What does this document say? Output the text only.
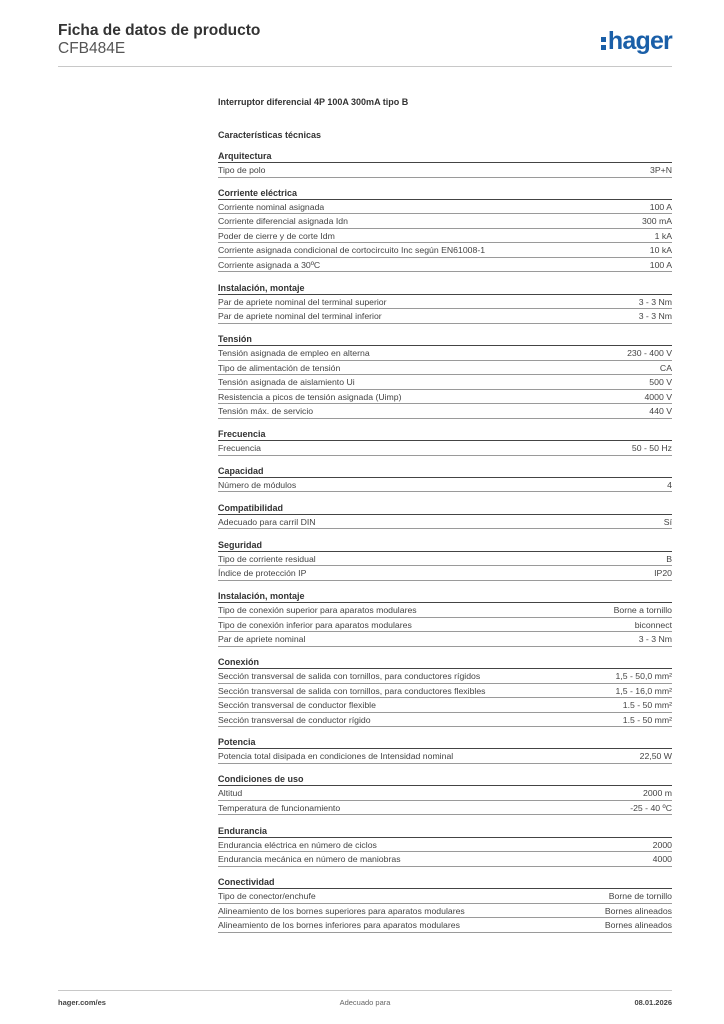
Ficha de datos de producto
CFB484E	hager
Interruptor diferencial 4P 100A 300mA tipo B
Características técnicas
Arquitectura
Tipo de polo	3P+N
Corriente eléctrica
Corriente nominal asignada	100 A
Corriente diferencial asignada Idn	300 mA
Poder de cierre y de corte Idm	1 kA
Corriente asignada condicional de cortocircuito Inc según EN61008-1	10 kA
Corriente asignada a 30ºC	100 A
Instalación, montaje
Par de apriete nominal del terminal superior	3 - 3 Nm
Par de apriete nominal del terminal inferior	3 - 3 Nm
Tensión
Tensión asignada de empleo en alterna	230 - 400 V
Tipo de alimentación de tensión	CA
Tensión asignada de aislamiento Ui	500 V
Resistencia a picos de tensión asignada (Uimp)	4000 V
Tensión máx. de servicio	440 V
Frecuencia
Frecuencia	50 - 50 Hz
Capacidad
Número de módulos	4
Compatibilidad
Adecuado para carril DIN	Sí
Seguridad
Tipo de corriente residual	B
Índice de protección IP	IP20
Instalación, montaje
Tipo de conexión superior para aparatos modulares	Borne a tornillo
Tipo de conexión inferior para aparatos modulares	biconnect
Par de apriete nominal	3 - 3 Nm
Conexión
Sección transversal de salida con tornillos, para conductores rígidos	1,5 - 50,0 mm²
Sección transversal de salida con tornillos, para conductores flexibles	1,5 - 16,0 mm²
Sección transversal de conductor flexible	1.5 - 50 mm²
Sección transversal de conductor rígido	1.5 - 50 mm²
Potencia
Potencia total disipada en condiciones de Intensidad nominal	22,50 W
Condiciones de uso
Altitud	2000 m
Temperatura de funcionamiento	-25 - 40 ºC
Endurancia
Endurancia eléctrica en número de ciclos	2000
Endurancia mecánica en número de maniobras	4000
Conectividad
Tipo de conector/enchufe	Borne de tornillo
Alineamiento de los bornes superiores para aparatos modulares	Bornes alineados
Alineamiento de los bornes inferiores para aparatos modulares	Bornes alineados
hager.com/es	Adecuado para	08.01.2026
